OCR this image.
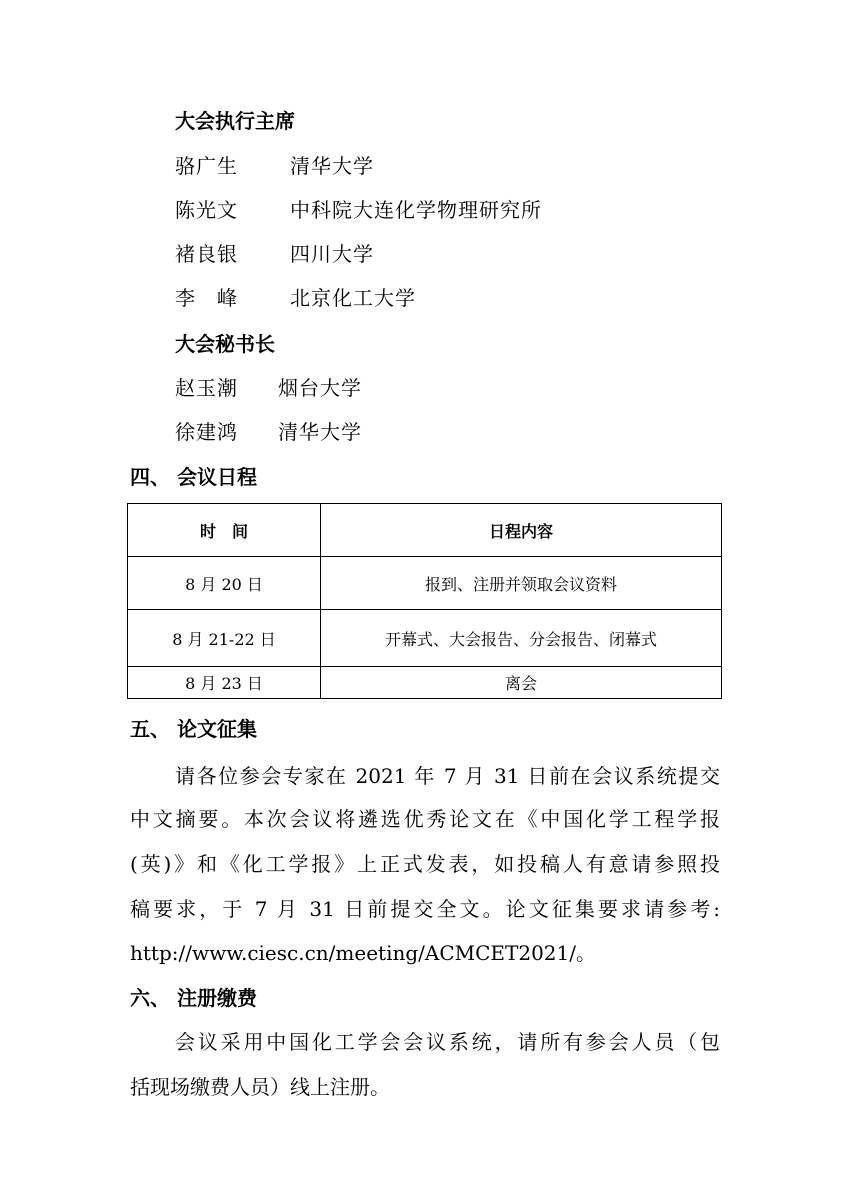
大会执行主席
骆广生	清华大学
陈光文	中科院大连化学物理研究所
褚良银	四川大学
李　峰	北京化工大学
大会秘书长
赵玉潮 烟台大学
徐建鸿 清华大学
四、 会议日程
时　间	日程内容
8 月 20 日	报到、注册并领取会议资料
8 月 21-22 日	开幕式、大会报告、分会报告、闭幕式
8 月 23 日	离会
五、 论文征集
请各位参会专家在 2021 年 7 月 31 日前在会议系统提交
中文摘要。本次会议将遴选优秀论文在《中国化学工程学报
(英)》和《化工学报》上正式发表，如投稿人有意请参照投
稿要求，于 7 月 31 日前提交全文。论文征集要求请参考:
http://www.ciesc.cn/meeting/ACMCET2021/。
六、 注册缴费
会议采用中国化工学会会议系统，请所有参会人员（包
括现场缴费人员）线上注册。
